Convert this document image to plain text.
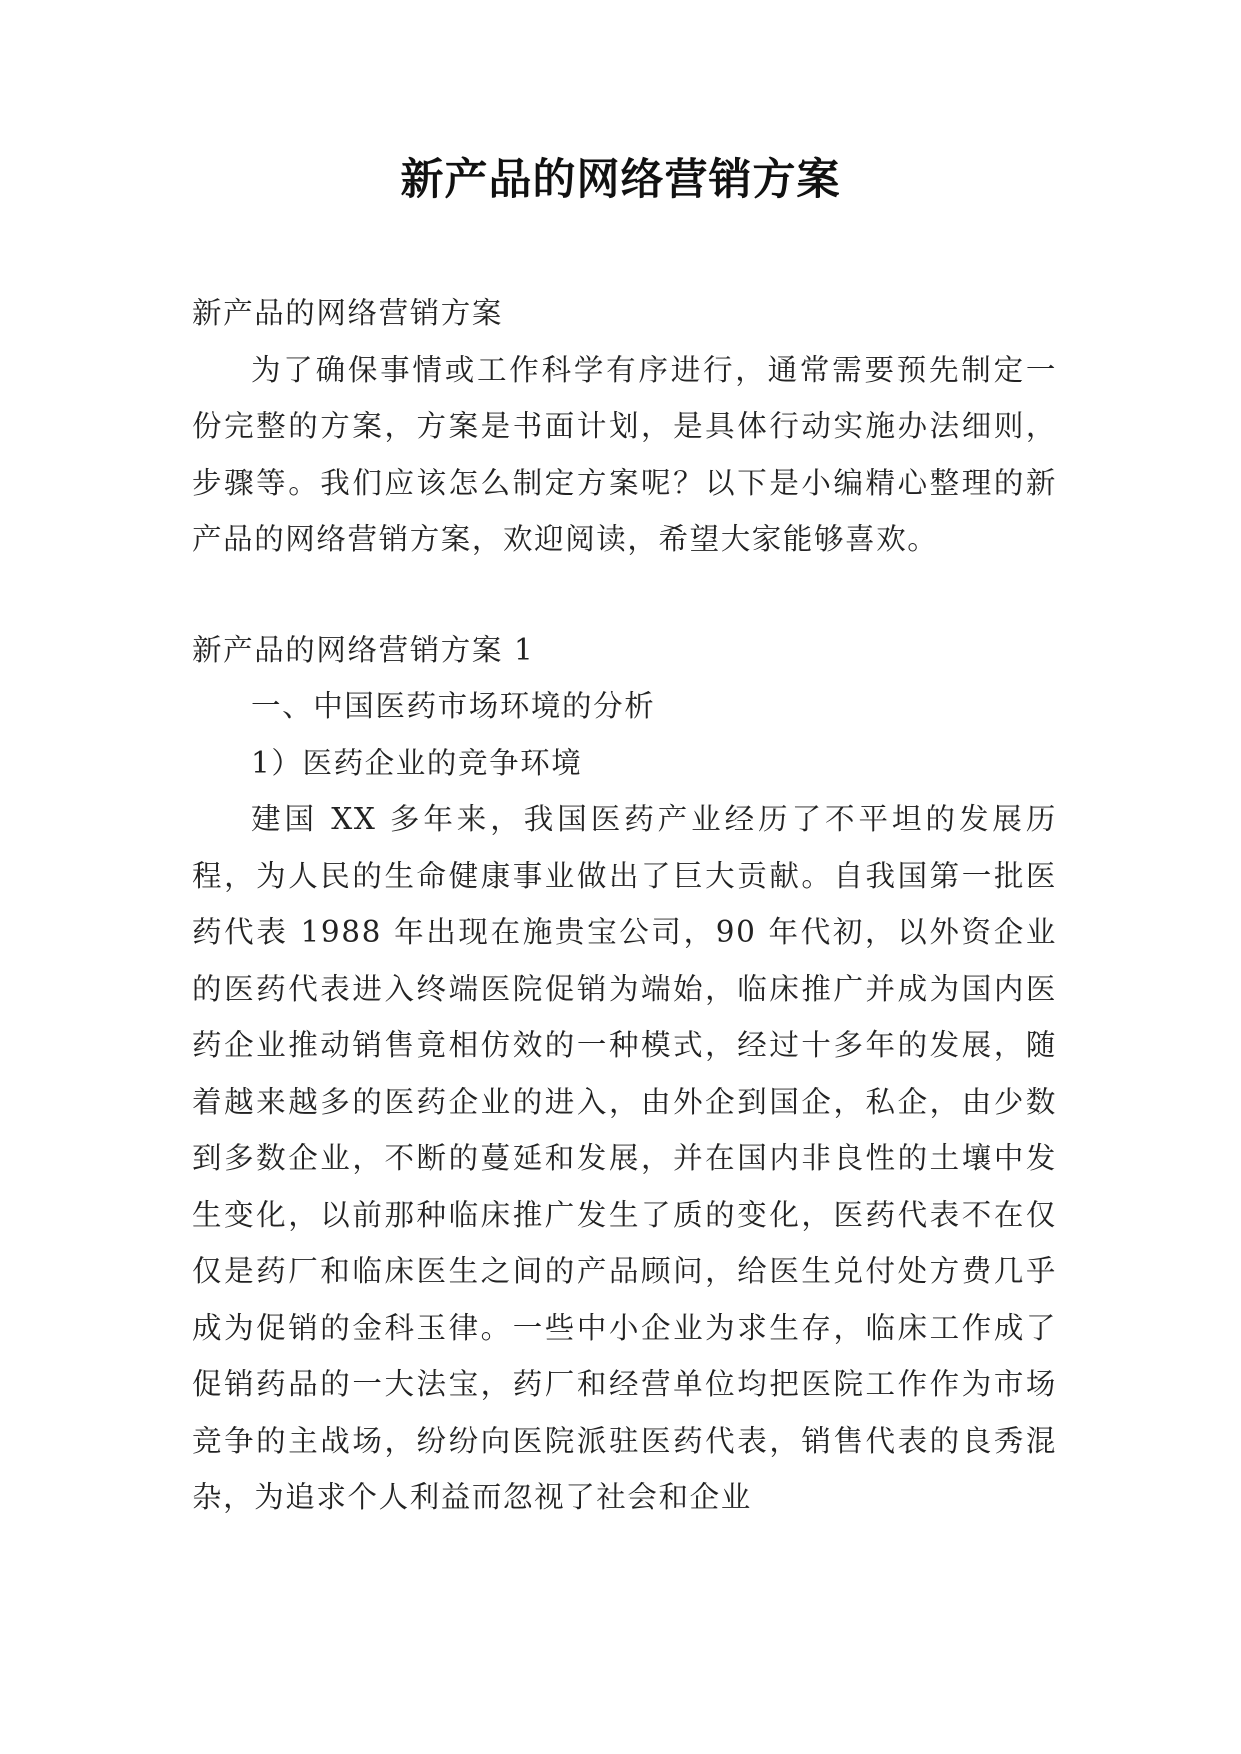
新产品的网络营销方案

新产品的网络营销方案

为了确保事情或工作科学有序进行，通常需要预先制定一份完整的方案，方案是书面计划，是具体行动实施办法细则，步骤等。我们应该怎么制定方案呢？以下是小编精心整理的新产品的网络营销方案，欢迎阅读，希望大家能够喜欢。

新产品的网络营销方案 1

一、中国医药市场环境的分析

1）医药企业的竞争环境

建国 XX 多年来，我国医药产业经历了不平坦的发展历程，为人民的生命健康事业做出了巨大贡献。自我国第一批医药代表 1988 年出现在施贵宝公司，90 年代初，以外资企业的医药代表进入终端医院促销为端始，临床推广并成为国内医药企业推动销售竟相仿效的一种模式，经过十多年的发展，随着越来越多的医药企业的进入，由外企到国企，私企，由少数到多数企业，不断的蔓延和发展，并在国内非良性的土壤中发生变化，以前那种临床推广发生了质的变化，医药代表不在仅仅是药厂和临床医生之间的产品顾问，给医生兑付处方费几乎成为促销的金科玉律。一些中小企业为求生存，临床工作成了促销药品的一大法宝，药厂和经营单位均把医院工作作为市场竞争的主战场，纷纷向医院派驻医药代表，销售代表的良秀混杂，为追求个人利益而忽视了社会和企业
